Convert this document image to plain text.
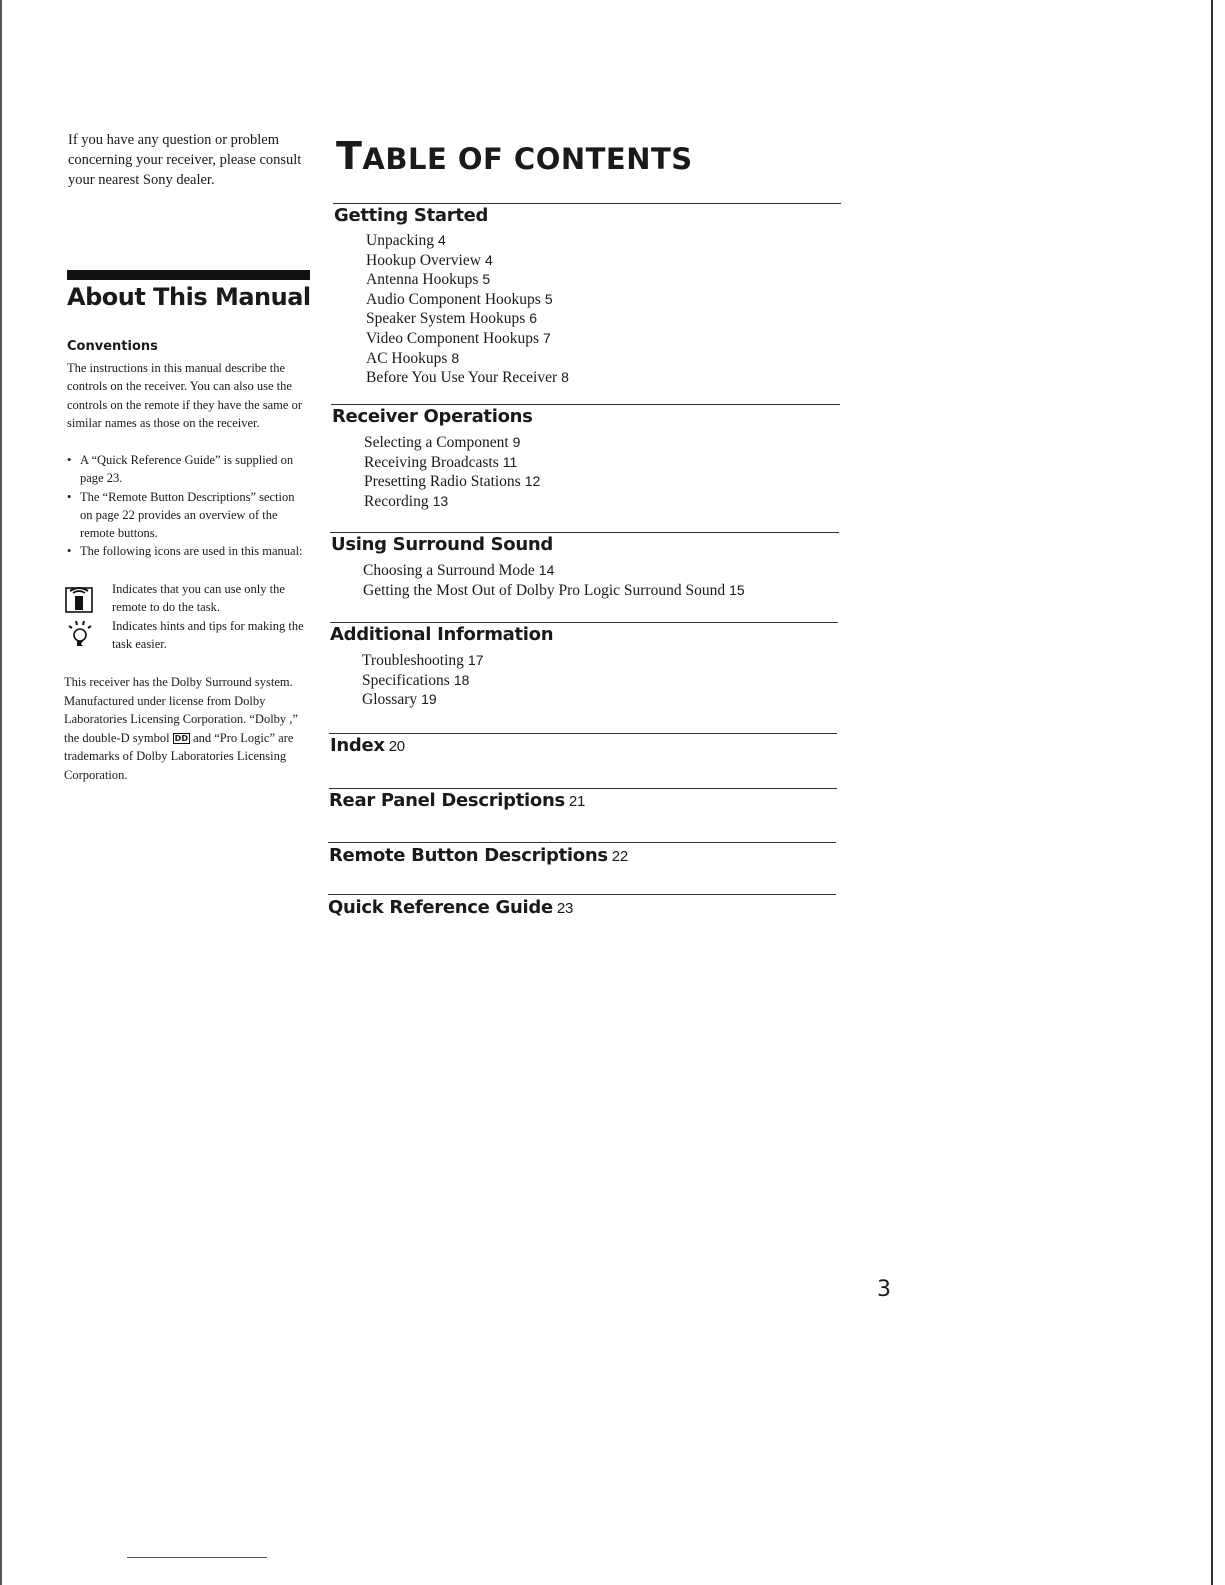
If you have any question or problem concerning your receiver, please consult your nearest Sony dealer.
About This Manual
Conventions
The instructions in this manual describe the controls on the receiver. You can also use the controls on the remote if they have the same or similar names as those on the receiver.
• A “Quick Reference Guide” is supplied on page 23.
• The “Remote Button Descriptions” section on page 22 provides an overview of the remote buttons.
• The following icons are used in this manual:
Indicates that you can use only the remote to do the task.
Indicates hints and tips for making the task easier.
This receiver has the Dolby Surround system.
Manufactured under license from Dolby Laboratories Licensing Corporation. “Dolby ,” the double-D symbol DD and “Pro Logic” are trademarks of Dolby Laboratories Licensing Corporation.
TABLE OF CONTENTS
Getting Started
Unpacking 4
Hookup Overview 4
Antenna Hookups 5
Audio Component Hookups 5
Speaker System Hookups 6
Video Component Hookups 7
AC Hookups 8
Before You Use Your Receiver 8
Receiver Operations
Selecting a Component 9
Receiving Broadcasts 11
Presetting Radio Stations 12
Recording 13
Using Surround Sound
Choosing a Surround Mode 14
Getting the Most Out of Dolby Pro Logic Surround Sound 15
Additional Information
Troubleshooting 17
Specifications 18
Glossary 19
Index 20
Rear Panel Descriptions 21
Remote Button Descriptions 22
Quick Reference Guide 23
3
